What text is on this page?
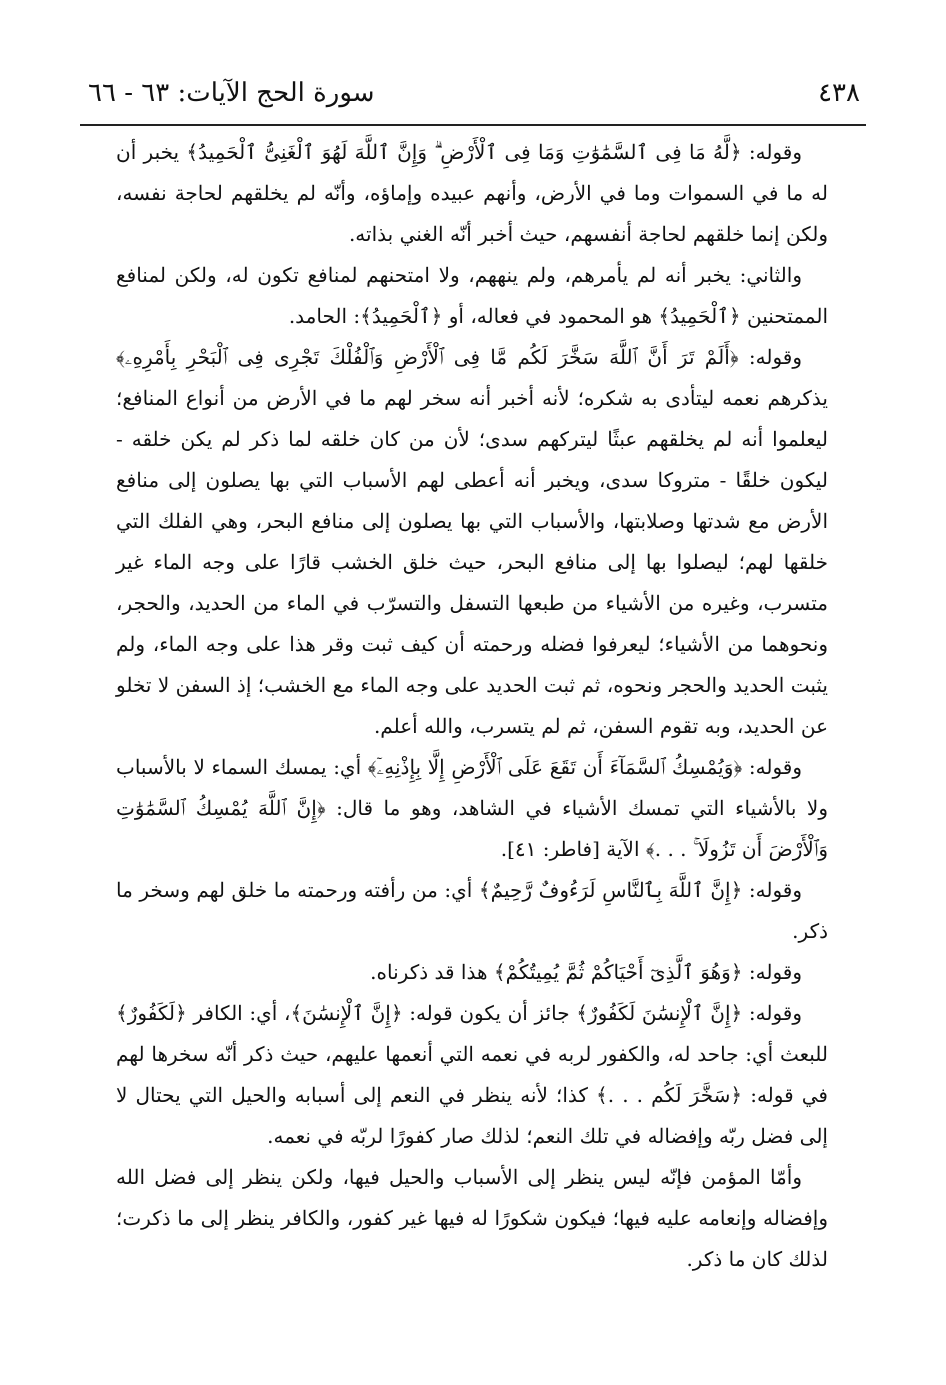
٤٣٨
سورة الحج الآيات: ٦٣ - ٦٦

وقوله: ﴿لَّهُ مَا فِى ٱلسَّمَٰوَٰتِ وَمَا فِى ٱلْأَرْضِ ۗ وَإِنَّ ٱللَّهَ لَهُوَ ٱلْغَنِىُّ ٱلْحَمِيدُ﴾ يخبر أن له ما في السموات وما في الأرض، وأنهم عبيده وإماؤه، وأنّه لم يخلقهم لحاجة نفسه، ولكن إنما خلقهم لحاجة أنفسهم، حيث أخبر أنّه الغني بذاته.

والثاني: يخبر أنه لم يأمرهم، ولم ينههم، ولا امتحنهم لمنافع تكون له، ولكن لمنافع الممتحنين ﴿ٱلْحَمِيدُ﴾ هو المحمود في فعاله، أو ﴿ٱلْحَمِيدُ﴾: الحامد.

وقوله: ﴿أَلَمْ تَرَ أَنَّ ٱللَّهَ سَخَّرَ لَكُم مَّا فِى ٱلْأَرْضِ وَٱلْفُلْكَ تَجْرِى فِى ٱلْبَحْرِ بِأَمْرِهِۦ﴾ يذكرهم نعمه ليتأدى به شكره؛ لأنه أخبر أنه سخر لهم ما في الأرض من أنواع المنافع؛ ليعلموا أنه لم يخلقهم عبثًا ليتركهم سدى؛ لأن من كان خلقه لما ذكر لم يكن خلقه - ليكون خلقًا - متروكا سدى، ويخبر أنه أعطى لهم الأسباب التي بها يصلون إلى منافع الأرض مع شدتها وصلابتها، والأسباب التي بها يصلون إلى منافع البحر، وهي الفلك التي خلقها لهم؛ ليصلوا بها إلى منافع البحر، حيث خلق الخشب قارًا على وجه الماء غير متسرب، وغيره من الأشياء من طبعها التسفل والتسرّب في الماء من الحديد، والحجر، ونحوهما من الأشياء؛ ليعرفوا فضله ورحمته أن كيف ثبت وقر هذا على وجه الماء، ولم يثبت الحديد والحجر ونحوه، ثم ثبت الحديد على وجه الماء مع الخشب؛ إذ السفن لا تخلو عن الحديد، وبه تقوم السفن، ثم لم يتسرب، والله أعلم.

وقوله: ﴿وَيُمْسِكُ ٱلسَّمَآءَ أَن تَقَعَ عَلَى ٱلْأَرْضِ إِلَّا بِإِذْنِهِۦٓ﴾ أي: يمسك السماء لا بالأسباب ولا بالأشياء التي تمسك الأشياء في الشاهد، وهو ما قال: ﴿إِنَّ ٱللَّهَ يُمْسِكُ ٱلسَّمَٰوَٰتِ وَٱلْأَرْضَ أَن تَزُولَا ۚ . . .﴾ الآية [فاطر: ٤١].

وقوله: ﴿إِنَّ ٱللَّهَ بِٱلنَّاسِ لَرَءُوفٌ رَّحِيمٌ﴾ أي: من رأفته ورحمته ما خلق لهم وسخر ما ذكر.

وقوله: ﴿وَهُوَ ٱلَّذِىٓ أَحْيَاكُمْ ثُمَّ يُمِيتُكُمْ﴾ هذا قد ذكرناه.

وقوله: ﴿إِنَّ ٱلْإِنسَٰنَ لَكَفُورٌ﴾ جائز أن يكون قوله: ﴿إِنَّ ٱلْإِنسَٰنَ﴾، أي: الكافر ﴿لَكَفُورٌ﴾ للبعث أي: جاحد له، والكفور لربه في نعمه التي أنعمها عليهم، حيث ذكر أنّه سخرها لهم في قوله: ﴿سَخَّرَ لَكُم . . .﴾ كذا؛ لأنه ينظر في النعم إلى أسبابه والحيل التي يحتال لا إلى فضل ربّه وإفضاله في تلك النعم؛ لذلك صار كفورًا لربّه في نعمه.

وأمّا المؤمن فإنّه ليس ينظر إلى الأسباب والحيل فيها، ولكن ينظر إلى فضل الله وإفضاله وإنعامه عليه فيها؛ فيكون شكورًا له فيها غير كفور، والكافر ينظر إلى ما ذكرت؛ لذلك كان ما ذكر.
